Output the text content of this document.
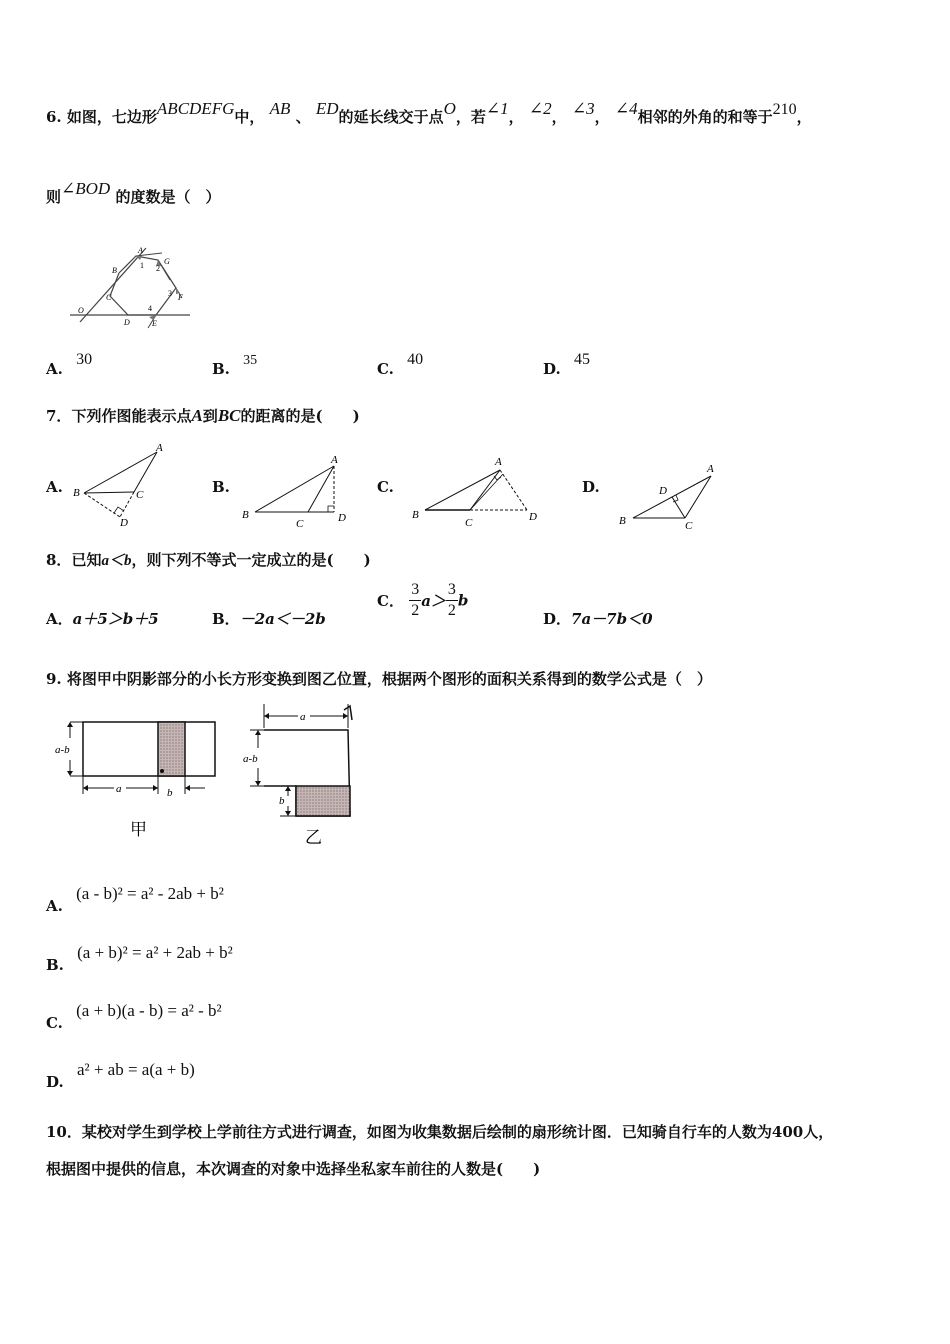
6. 如图，七边形ABCDEFG中， AB 、 ED的延长线交于点O，若∠1， ∠2， ∠3， ∠4相邻的外角的和等于210，
则∠BOD 的度数是（　）
A
1	G
2
B
C	3 F
O
D
4
E
A. 30
B. 35	C. 40
D. 45
7．下列作图能表示点A到BC的距离的是(　　)
A.
A
B	C
D
B.
A
B
C	D
C.
A
B
C	D
D.
A
B	C
D
8．已知a＜b，则下列不等式一定成立的是(　　)
A．a＋5＞b＋5	B．－2a＜－2b
C． $\frac{3}{2} a> \frac{3}{2}$ b
D．7a－7b＜0
9. 将图甲中阴影部分的小长方形变换到图乙位置，根据两个图形的面积关系得到的数学公式是（　）
a-b
a	b
甲
a
a-b
b
乙
A. (a - b)² = a² - 2ab + b²
B. (a + b)² = a² + 2ab + b²
C. (a + b)(a - b) = a² - b²
D. a² + ab = a(a + b)
10．某校对学生到学校上学前往方式进行调查，如图为收集数据后绘制的扇形统计图．已知骑自行车的人数为400人，
根据图中提供的信息，本次调查的对象中选择坐私家车前往的人数是(　　)
